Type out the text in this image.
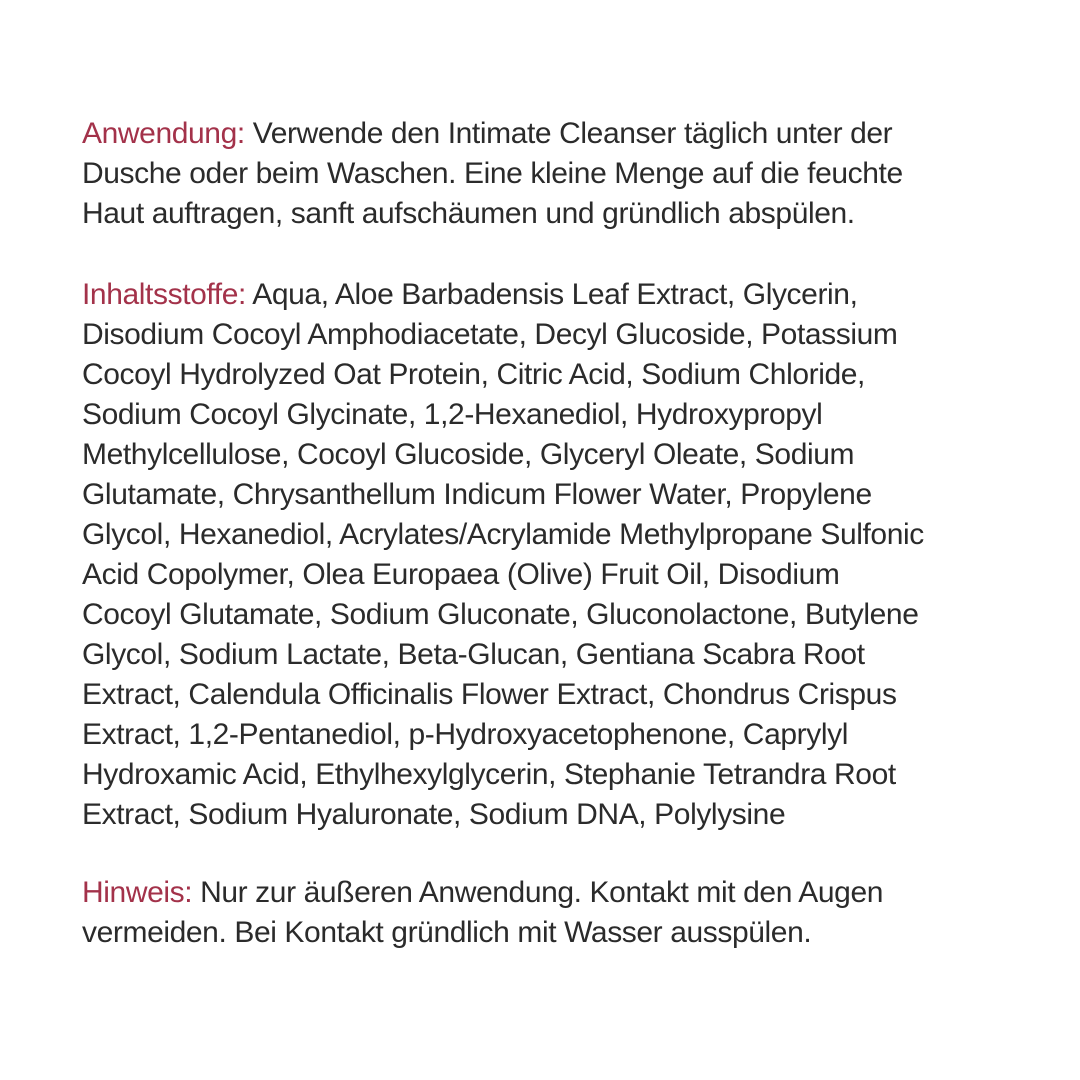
Anwendung: Verwende den Intimate Cleanser täglich unter der

Dusche oder beim Waschen. Eine kleine Menge auf die feuchte

Haut auftragen, sanft aufschäumen und gründlich abspülen.

Inhaltsstoffe: Aqua, Aloe Barbadensis Leaf Extract, Glycerin,

Disodium Cocoyl Amphodiacetate, Decyl Glucoside, Potassium

Cocoyl Hydrolyzed Oat Protein, Citric Acid, Sodium Chloride,

Sodium Cocoyl Glycinate, 1,2-Hexanediol, Hydroxypropyl

Methylcellulose, Cocoyl Glucoside, Glyceryl Oleate, Sodium

Glutamate, Chrysanthellum Indicum Flower Water, Propylene

Glycol, Hexanediol, Acrylates/Acrylamide Methylpropane Sulfonic

Acid Copolymer, Olea Europaea (Olive) Fruit Oil, Disodium

Cocoyl Glutamate, Sodium Gluconate, Gluconolactone, Butylene

Glycol, Sodium Lactate, Beta-Glucan, Gentiana Scabra Root

Extract, Calendula Officinalis Flower Extract, Chondrus Crispus

Extract, 1,2-Pentanediol, p-Hydroxyacetophenone, Caprylyl

Hydroxamic Acid, Ethylhexylglycerin, Stephanie Tetrandra Root

Extract, Sodium Hyaluronate, Sodium DNA, Polylysine

Hinweis: Nur zur äußeren Anwendung. Kontakt mit den Augen

vermeiden. Bei Kontakt gründlich mit Wasser ausspülen.
